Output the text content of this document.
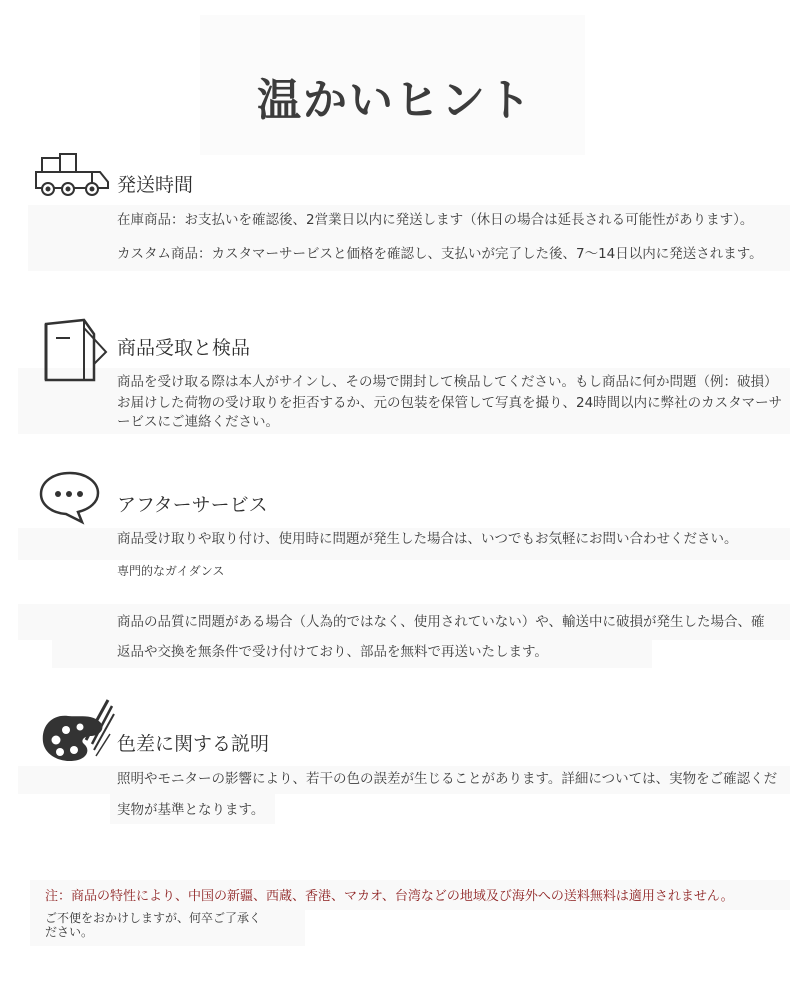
温かいヒント
発送時間
在庫商品：お支払いを確認後、2営業日以内に発送します（休日の場合は延長される可能性があります）。
カスタム商品：カスタマーサービスと価格を確認し、支払いが完了した後、7〜14日以内に発送されます。
商品受取と検品
商品を受け取る際は本人がサインし、その場で開封して検品してください。もし商品に何か問題（例：破損）
お届けした荷物の受け取りを拒否するか、元の包装を保管して写真を撮り、24時間以内に弊社のカスタマーサ
ービスにご連絡ください。
アフターサービス
商品受け取りや取り付け、使用時に問題が発生した場合は、いつでもお気軽にお問い合わせください。
専門的なガイダンス
商品の品質に問題がある場合（人為的ではなく、使用されていない）や、輸送中に破損が発生した場合、確
返品や交換を無条件で受け付けており、部品を無料で再送いたします。
色差に関する説明
照明やモニターの影響により、若干の色の誤差が生じることがあります。詳細については、実物をご確認くだ
実物が基準となります。
注：商品の特性により、中国の新疆、西蔵、香港、マカオ、台湾などの地域及び海外への送料無料は適用されません。
ご不便をおかけしますが、何卒ご了承ください。
